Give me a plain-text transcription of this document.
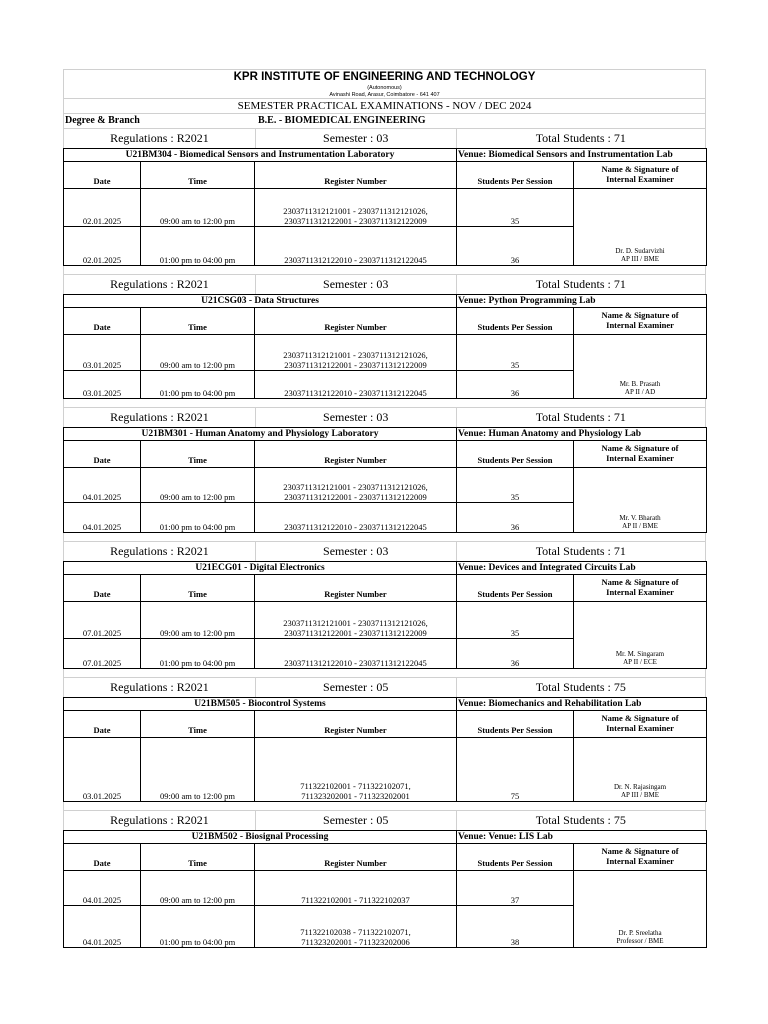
KPR INSTITUTE OF ENGINEERING AND TECHNOLOGY
(Autonomous)
Avinashi Road, Arasur, Coimbatore - 641 407
SEMESTER PRACTICAL EXAMINATIONS - NOV / DEC 2024
Degree & Branch	B.E. - BIOMEDICAL ENGINEERING
Regulations : R2021	Semester : 03	Total Students : 71
U21BM304 - Biomedical Sensors and Instrumentation Laboratory			Venue: Biomedical Sensors and Instrumentation Lab	
Date	Time	Register Number	Students Per Session	Name & Signature of
Internal Examiner
02.01.2025	09:00 am to 12:00 pm	2303711312121001 - 2303711312121026,
2303711312122001 - 2303711312122009	35	Dr. D. Sudarvizhi
AP III / BME
02.01.2025	01:00 pm to 04:00 pm	2303711312122010 - 2303711312122045	36	
Regulations : R2021	Semester : 03	Total Students : 71
U21CSG03 - Data Structures			Venue: Python Programming Lab	
Date	Time	Register Number	Students Per Session	Name & Signature of
Internal Examiner
03.01.2025	09:00 am to 12:00 pm	2303711312121001 - 2303711312121026,
2303711312122001 - 2303711312122009	35	Mr. B. Prasath
AP II / AD
03.01.2025	01:00 pm to 04:00 pm	2303711312122010 - 2303711312122045	36	
Regulations : R2021	Semester : 03	Total Students : 71
U21BM301 - Human Anatomy and Physiology Laboratory			Venue: Human Anatomy and Physiology Lab	
Date	Time	Register Number	Students Per Session	Name & Signature of
Internal Examiner
04.01.2025	09:00 am to 12:00 pm	2303711312121001 - 2303711312121026,
2303711312122001 - 2303711312122009	35	Mr. V. Bharath
AP II / BME
04.01.2025	01:00 pm to 04:00 pm	2303711312122010 - 2303711312122045	36	
Regulations : R2021	Semester : 03	Total Students : 71
U21ECG01 - Digital Electronics			Venue: Devices and Integrated Circuits Lab	
Date	Time	Register Number	Students Per Session	Name & Signature of
Internal Examiner
07.01.2025	09:00 am to 12:00 pm	2303711312121001 - 2303711312121026,
2303711312122001 - 2303711312122009	35	Mr. M. Singaram
AP II / ECE
07.01.2025	01:00 pm to 04:00 pm	2303711312122010 - 2303711312122045	36	
Regulations : R2021	Semester : 05	Total Students : 75
U21BM505 - Biocontrol Systems			Venue: Biomechanics and Rehabilitation Lab	
Date	Time	Register Number	Students Per Session	Name & Signature of
Internal Examiner
03.01.2025	09:00 am to 12:00 pm	711322102001 - 711322102071,
711323202001 - 711323202001	75	Dr. N. Rajasingam
AP III / BME
Regulations : R2021	Semester : 05	Total Students : 75
U21BM502 - Biosignal Processing			Venue: Venue: LIS Lab	
Date	Time	Register Number	Students Per Session	Name & Signature of
Internal Examiner
04.01.2025	09:00 am to 12:00 pm	711322102001 - 711322102037	37	Dr. P. Sreelatha
Professor / BME
04.01.2025	01:00 pm to 04:00 pm	711322102038 - 711322102071,
711323202001 - 711323202006	38	
